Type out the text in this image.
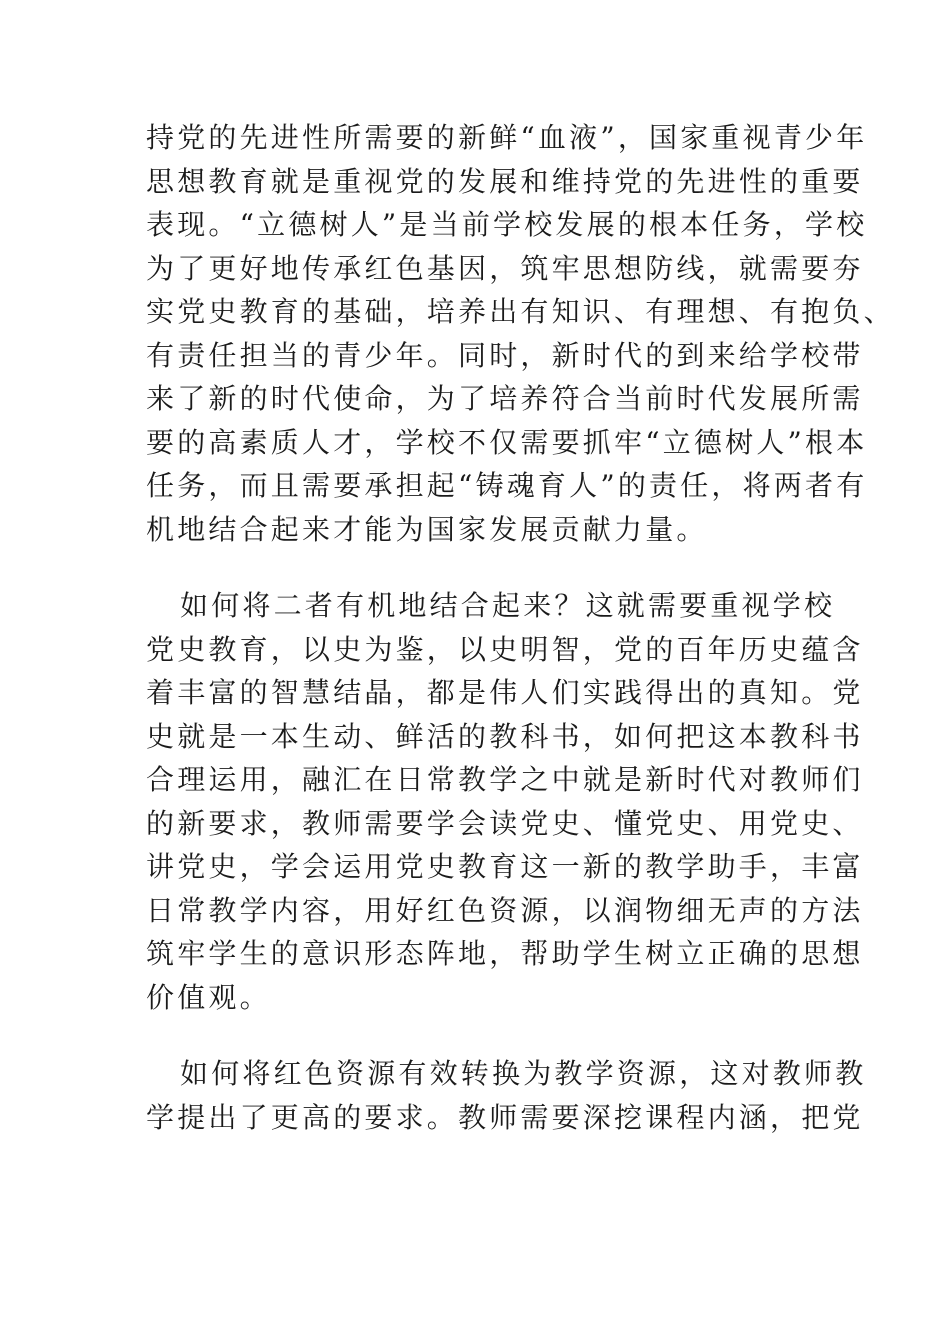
持党的先进性所需要的新鲜“血液”，国家重视青少年
思想教育就是重视党的发展和维持党的先进性的重要
表现。“立德树人”是当前学校发展的根本任务，学校
为了更好地传承红色基因，筑牢思想防线，就需要夯
实党史教育的基础，培养出有知识、有理想、有抱负、
有责任担当的青少年。同时，新时代的到来给学校带
来了新的时代使命，为了培养符合当前时代发展所需
要的高素质人才，学校不仅需要抓牢“立德树人”根本
任务，而且需要承担起“铸魂育人”的责任，将两者有
机地结合起来才能为国家发展贡献力量。
如何将二者有机地结合起来？这就需要重视学校
党史教育，以史为鉴，以史明智，党的百年历史蕴含
着丰富的智慧结晶，都是伟人们实践得出的真知。党
史就是一本生动、鲜活的教科书，如何把这本教科书
合理运用，融汇在日常教学之中就是新时代对教师们
的新要求，教师需要学会读党史、懂党史、用党史、
讲党史，学会运用党史教育这一新的教学助手，丰富
日常教学内容，用好红色资源，以润物细无声的方法
筑牢学生的意识形态阵地，帮助学生树立正确的思想
价值观。
如何将红色资源有效转换为教学资源，这对教师教
学提出了更高的要求。教师需要深挖课程内涵，把党
